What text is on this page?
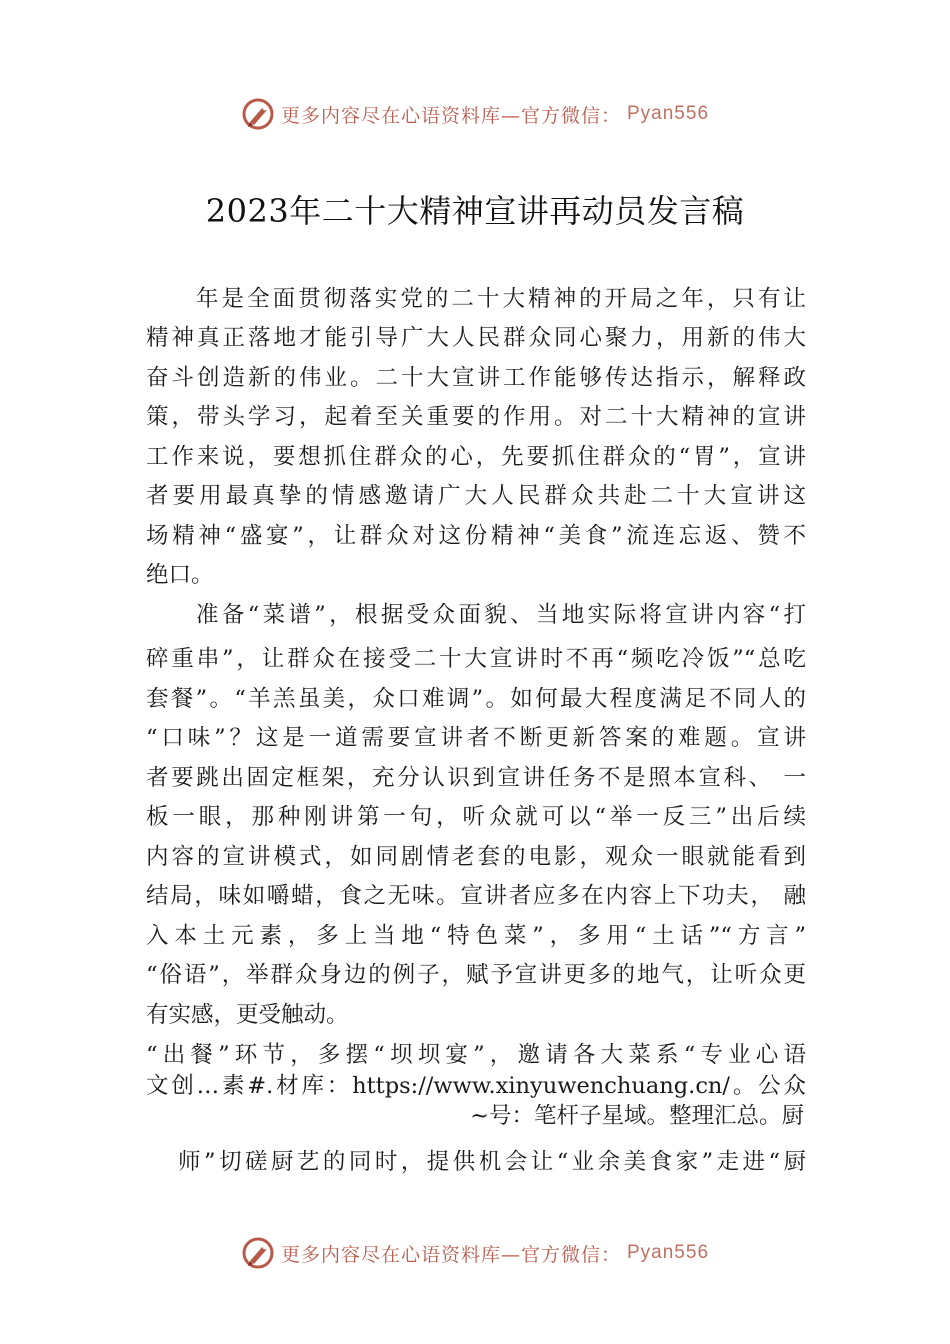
更多内容尽在心语资料库—官方微信： Pyan556
2023年二十大精神宣讲再动员发言稿
年是全面贯彻落实党的二十大精神的开局之年，只有让
精神真正落地才能引导广大人民群众同心聚力，用新的伟大
奋斗创造新的伟业。二十大宣讲工作能够传达指示，解释政
策，带头学习，起着至关重要的作用。对二十大精神的宣讲
工作来说，要想抓住群众的心，先要抓住群众的“胃”，宣讲
者要用最真挚的情感邀请广大人民群众共赴二十大宣讲这
场精神“盛宴”，让群众对这份精神“美食”流连忘返、赞不
绝口。
准备“菜谱”，根据受众面貌、当地实际将宣讲内容“打
碎重串”，让群众在接受二十大宣讲时不再“频吃冷饭”“总吃
套餐”。“羊羔虽美，众口难调”。如何最大程度满足不同人的
“口味”？这是一道需要宣讲者不断更新答案的难题。宣讲
者要跳出固定框架，充分认识到宣讲任务不是照本宣科、 一
板一眼，那种刚讲第一句，听众就可以“举一反三”出后续
内容的宣讲模式，如同剧情老套的电影，观众一眼就能看到
结局，味如嚼蜡，食之无味。宣讲者应多在内容上下功夫， 融
入本土元素，多上当地“特色菜”，多用“土话”“方言”
“俗语”，举群众身边的例子，赋予宣讲更多的地气，让听众更
有实感，更受触动。
“出餐”环节，多摆“坝坝宴”，邀请各大菜系“专业心语
文创…素#.材库：https://www.xinyuwenchuang.cn/。公众
~号：笔杆子星域。整理汇总。厨
师”切磋厨艺的同时，提供机会让“业余美食家”走进“厨
更多内容尽在心语资料库—官方微信： Pyan556
